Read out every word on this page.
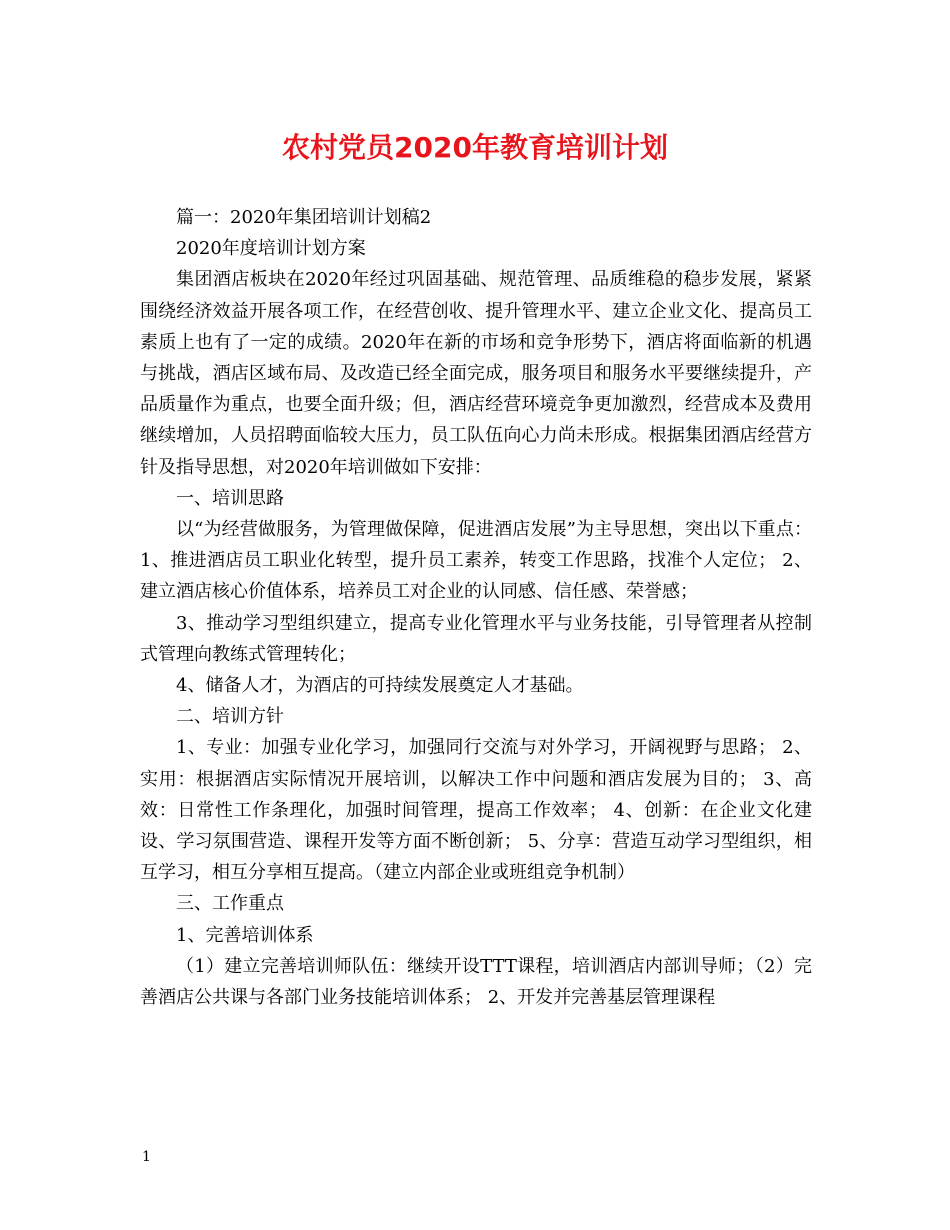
农村党员2020年教育培训计划

篇一：2020年集团培训计划稿2

2020年度培训计划方案

集团酒店板块在2020年经过巩固基础、规范管理、品质维稳的稳步发展，紧紧围绕经济效益开展各项工作，在经营创收、提升管理水平、建立企业文化、提高员工素质上也有了一定的成绩。2020年在新的市场和竞争形势下，酒店将面临新的机遇与挑战，酒店区域布局、及改造已经全面完成，服务项目和服务水平要继续提升，产品质量作为重点，也要全面升级；但，酒店经营环境竞争更加激烈，经营成本及费用继续增加，人员招聘面临较大压力，员工队伍向心力尚未形成。根据集团酒店经营方针及指导思想，对2020年培训做如下安排：

一、培训思路

以“为经营做服务，为管理做保障，促进酒店发展”为主导思想，突出以下重点： 1、推进酒店员工职业化转型，提升员工素养，转变工作思路，找准个人定位； 2、建立酒店核心价值体系，培养员工对企业的认同感、信任感、荣誉感；

3、推动学习型组织建立，提高专业化管理水平与业务技能，引导管理者从控制式管理向教练式管理转化；

4、储备人才，为酒店的可持续发展奠定人才基础。

二、培训方针

1、专业：加强专业化学习，加强同行交流与对外学习，开阔视野与思路； 2、实用：根据酒店实际情况开展培训，以解决工作中问题和酒店发展为目的； 3、高效：日常性工作条理化，加强时间管理，提高工作效率； 4、创新：在企业文化建设、学习氛围营造、课程开发等方面不断创新； 5、分享：营造互动学习型组织，相互学习，相互分享相互提高。（建立内部企业或班组竞争机制）

三、工作重点

1、完善培训体系

（1）建立完善培训师队伍：继续开设TTT课程，培训酒店内部训导师；（2）完善酒店公共课与各部门业务技能培训体系； 2、开发并完善基层管理课程

1
